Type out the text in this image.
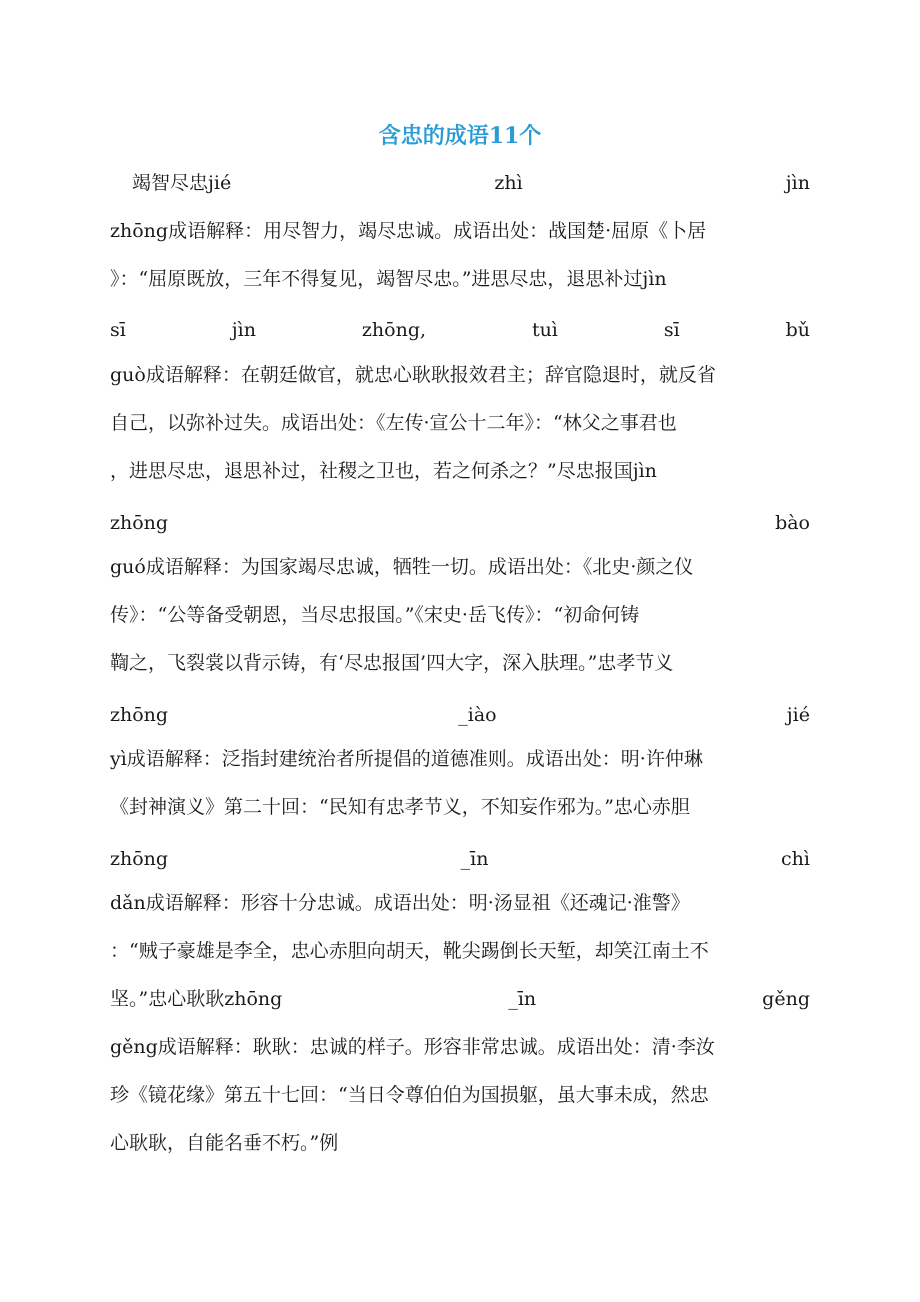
含忠的成语11个
竭智尽忠jié	zhì	jìn
zhōng成语解释：用尽智力，竭尽忠诚。成语出处：战国楚·屈原《卜居
》：“屈原既放，三年不得复见，竭智尽忠。”进思尽忠，退思补过jìn
sī	jìn	zhōng,	tuì	sī	bǔ
guò成语解释：在朝廷做官，就忠心耿耿报效君主；辞官隐退时，就反省
自己，以弥补过失。成语出处：《左传·宣公十二年》：“林父之事君也
，进思尽忠，退思补过，社稷之卫也，若之何杀之？”尽忠报国jìn
zhōng	bào
guó成语解释：为国家竭尽忠诚，牺牲一切。成语出处：《北史·颜之仪
传》：“公等备受朝恩，当尽忠报国。”《宋史·岳飞传》：“初命何铸
鞫之，飞裂裳以背示铸，有‘尽忠报国’四大字，深入肤理。”忠孝节义
zhōng	_iào	jié
yì成语解释：泛指封建统治者所提倡的道德准则。成语出处：明·许仲琳
《封神演义》第二十回：“民知有忠孝节义，不知妄作邪为。”忠心赤胆
zhōng	_īn	chì
dǎn成语解释：形容十分忠诚。成语出处：明·汤显祖《还魂记·淮警》
：“贼子豪雄是李全，忠心赤胆向胡天，靴尖踢倒长天堑，却笑江南土不
坚。”忠心耿耿zhōng	_īn	gěng
gěng成语解释：耿耿：忠诚的样子。形容非常忠诚。成语出处：清·李汝
珍《镜花缘》第五十七回：“当日令尊伯伯为国损躯，虽大事未成，然忠
心耿耿，自能名垂不朽。”例
